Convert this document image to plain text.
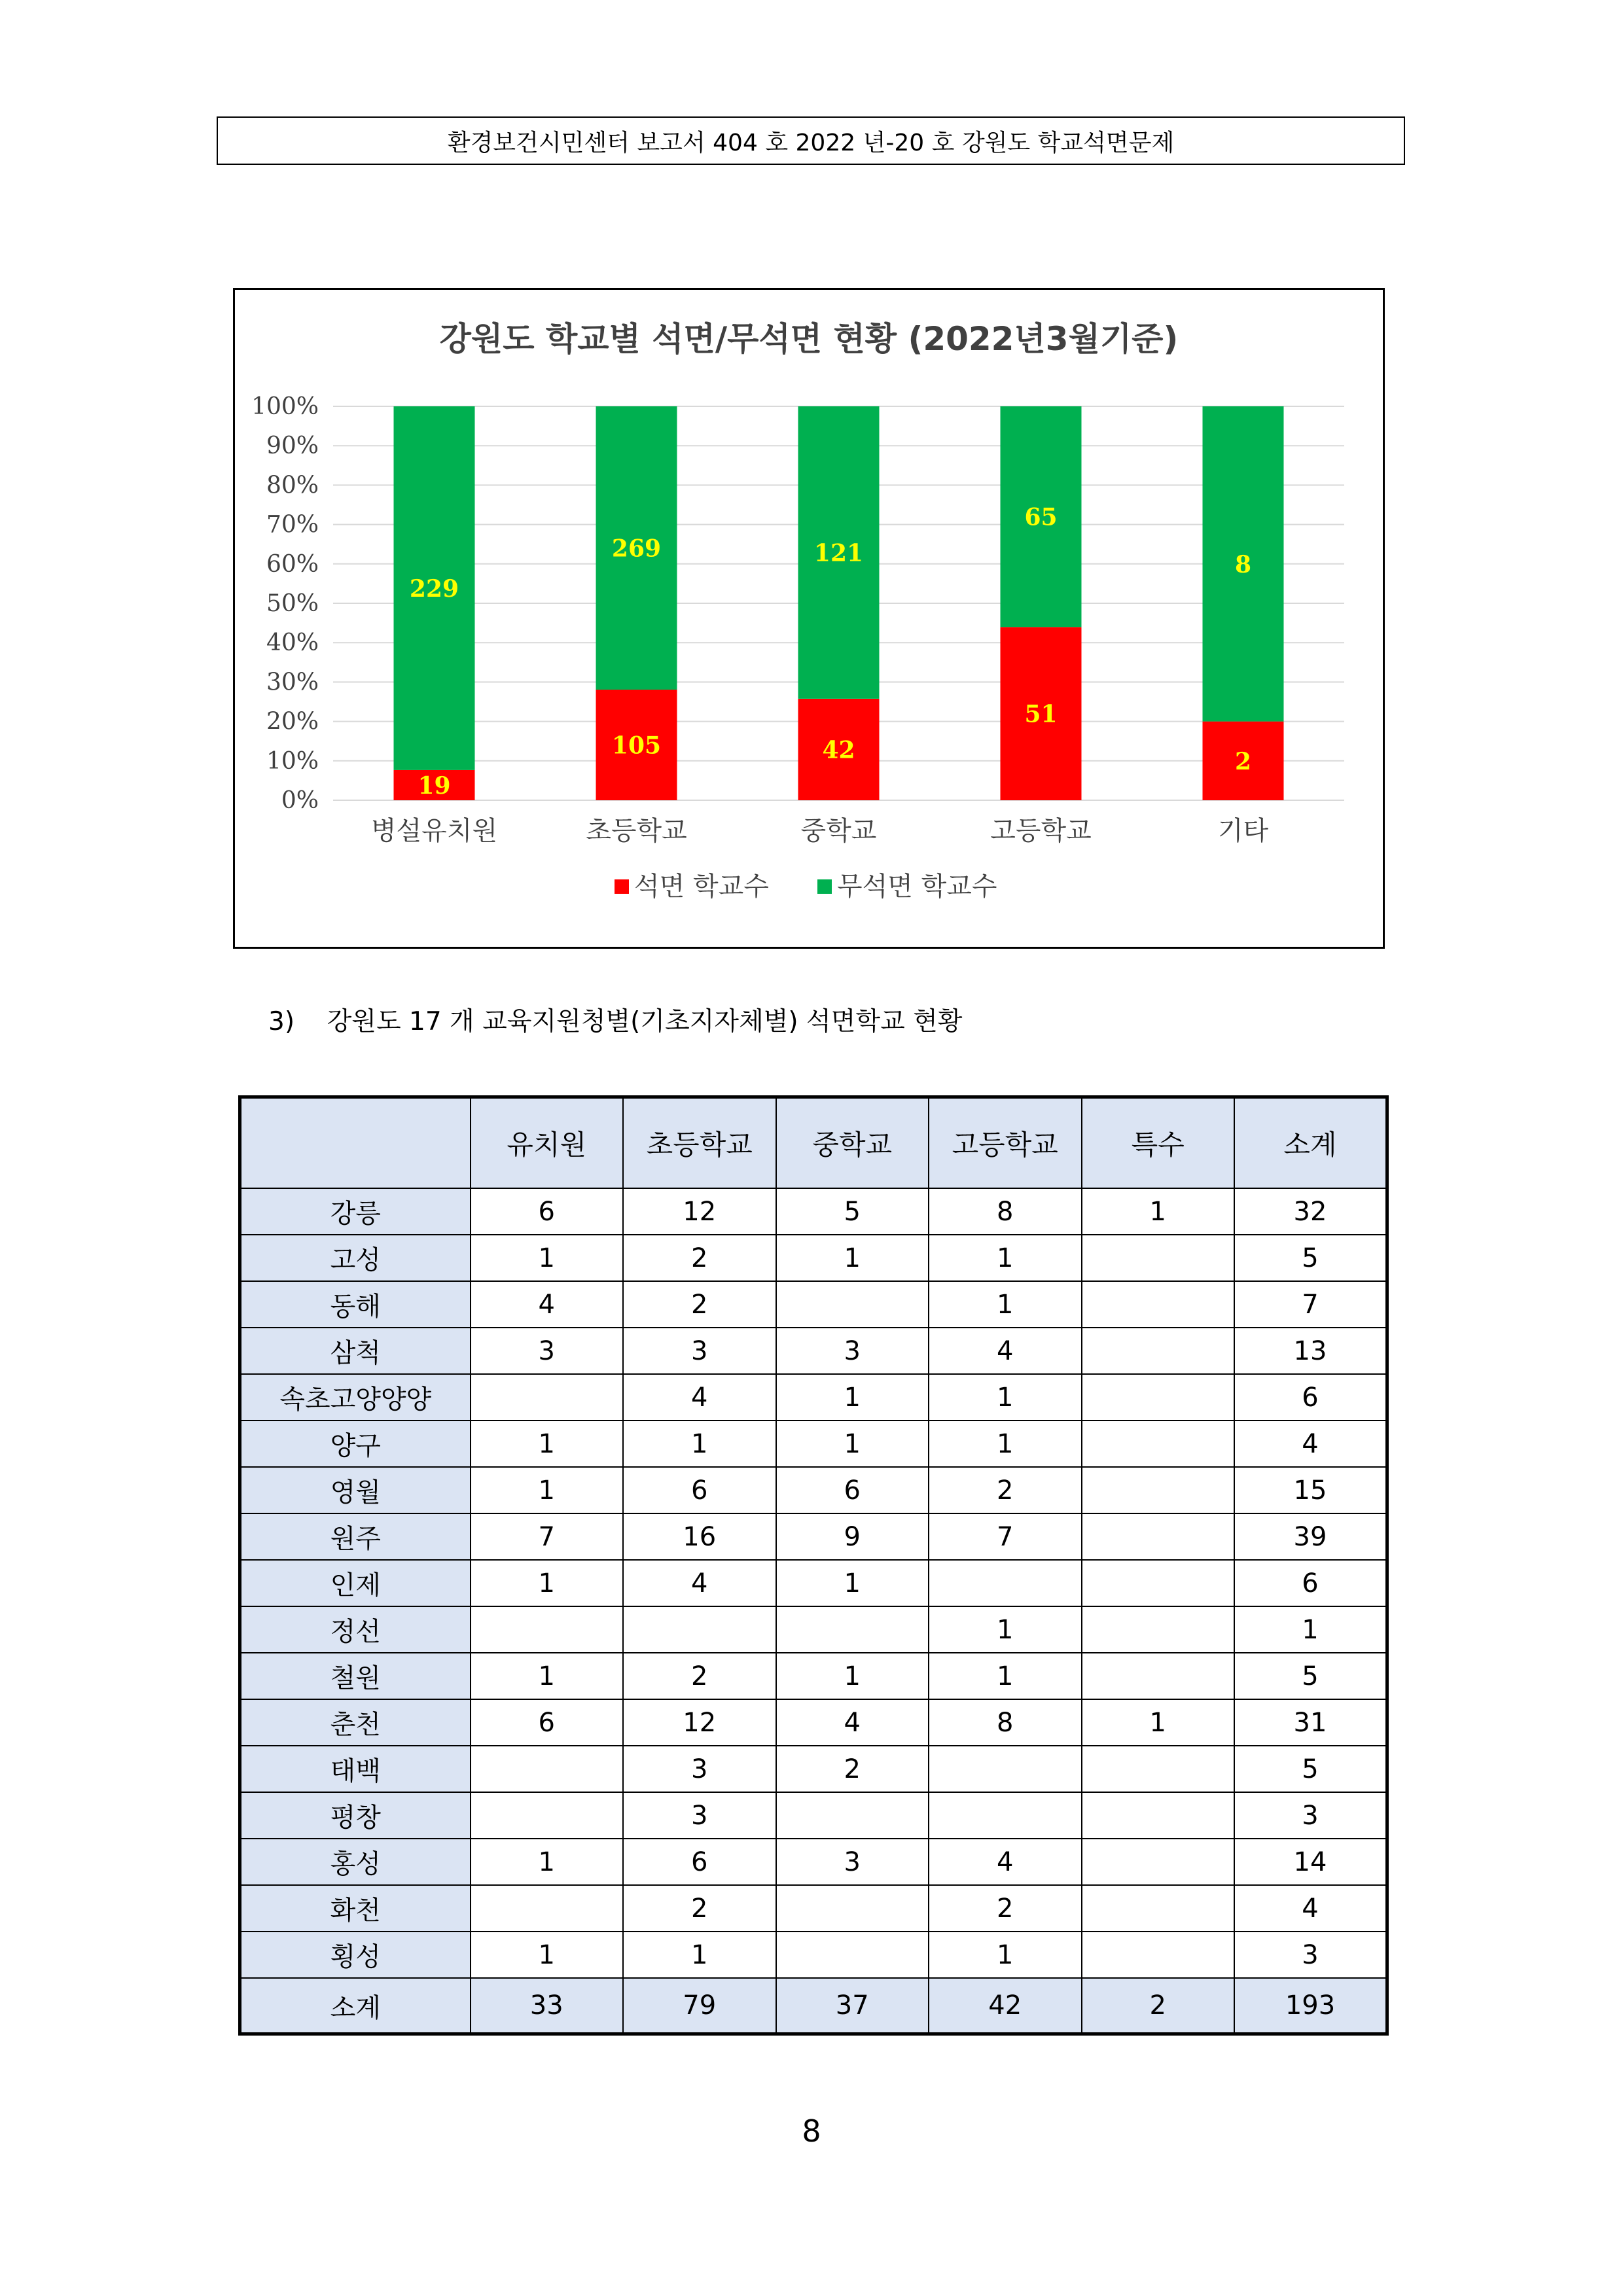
환경보건시민센터 보고서 404 호 2022 년-20 호 강원도 학교석면문제
강원도 학교별 석면/무석면 현황 (2022년3월기준)
0%
10%
20%
30%
40%
50%
60%
70%
80%
90%
100%
19
229
병설유치원
105
269
초등학교
42
121
중학교
51
65
고등학교
2
8
기타
석면 학교수	무석면 학교수
3)    강원도 17 개 교육지원청별(기초지자체별) 석면학교 현황
	유치원	초등학교	중학교	고등학교	특수	소계
강릉	6	12	5	8	1	32
고성	1	2	1	1		5
동해	4	2		1		7
삼척	3	3	3	4		13
속초고양양양		4	1	1		6
양구	1	1	1	1		4
영월	1	6	6	2		15
원주	7	16	9	7		39
인제	1	4	1			6
정선				1		1
철원	1	2	1	1		5
춘천	6	12	4	8	1	31
태백		3	2			5
평창		3				3
홍성	1	6	3	4		14
화천		2		2		4
횡성	1	1		1		3
소계	33	79	37	42	2	193
8
